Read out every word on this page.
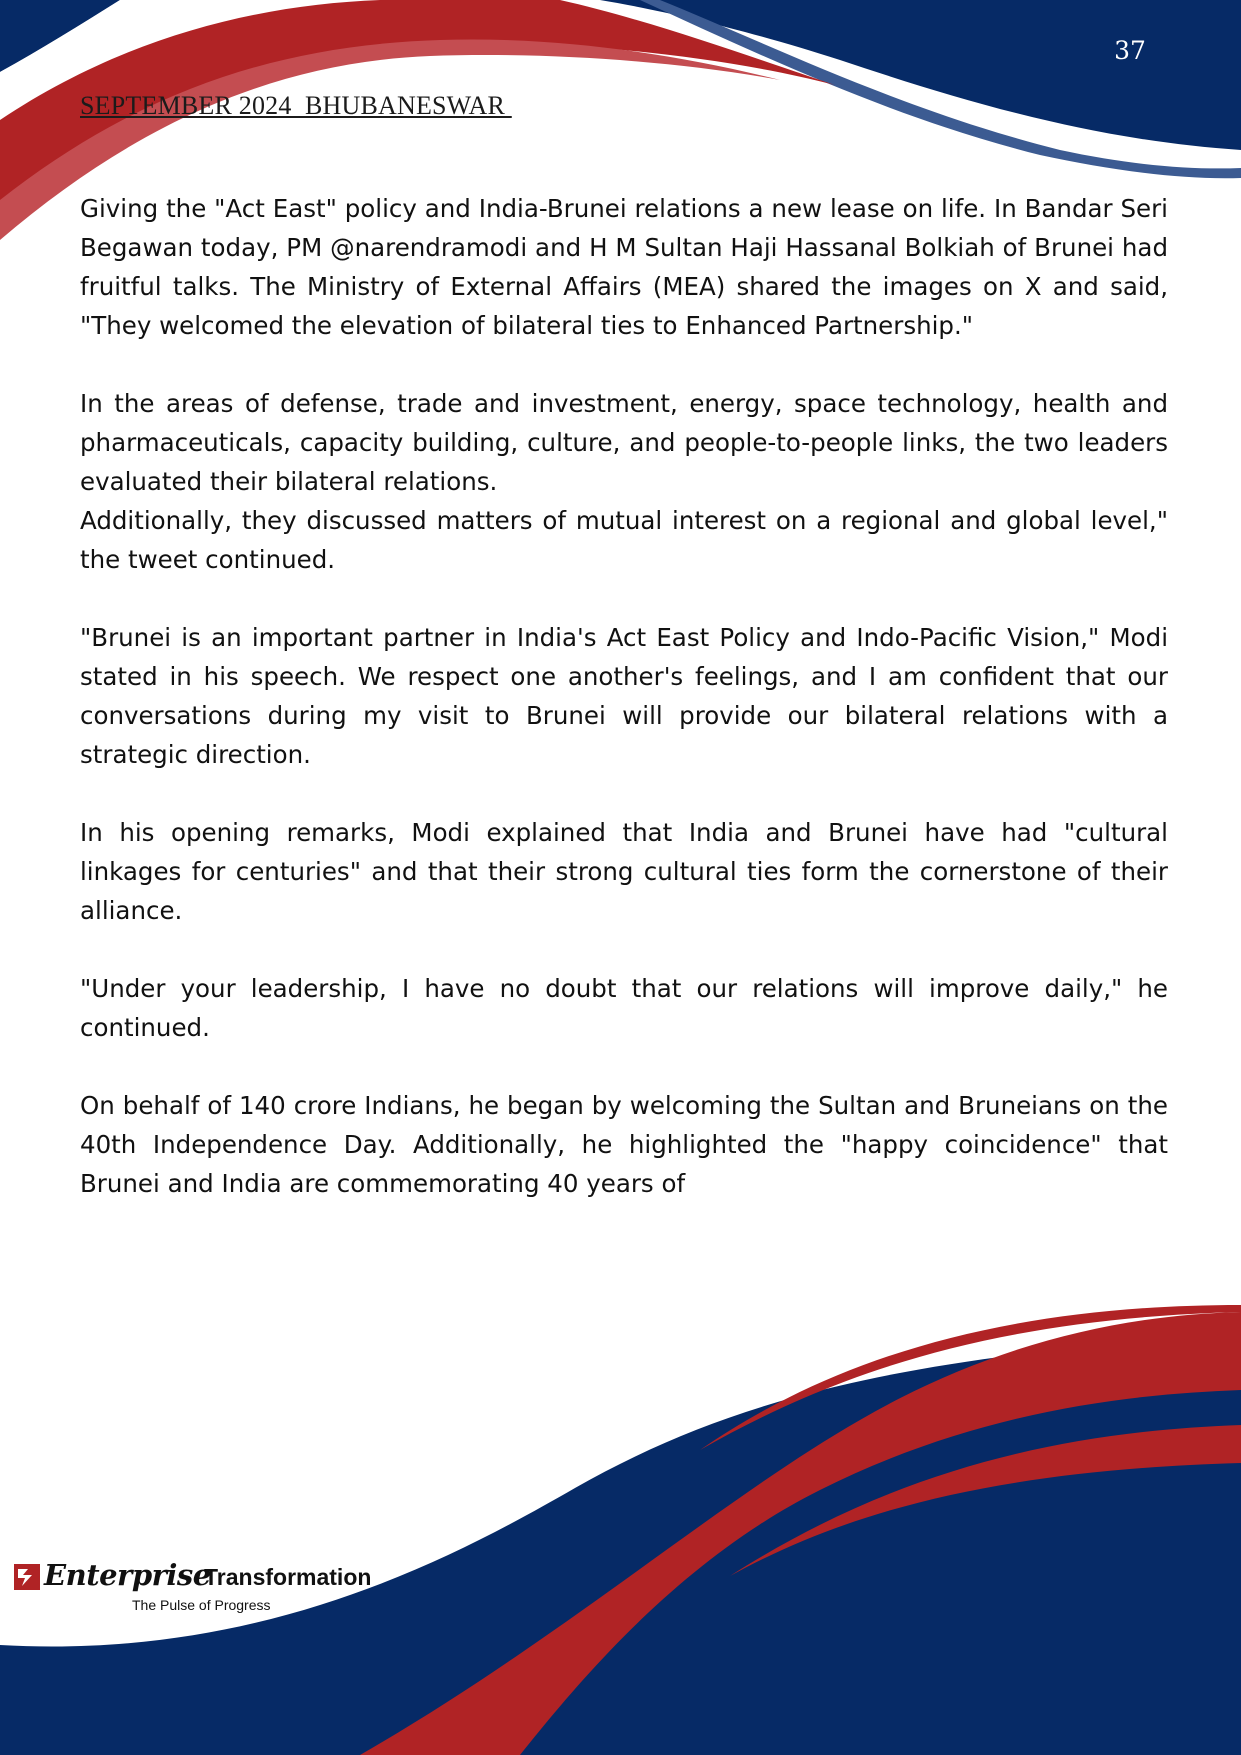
37
SEPTEMBER 2024  BHUBANESWAR

Giving the "Act East" policy and India-Brunei relations a new lease on life. In Bandar Seri Begawan today, PM @narendramodi and H M Sultan Haji Hassanal Bolkiah of Brunei had fruitful talks. The Ministry of External Affairs (MEA) shared the images on X and said, "They welcomed the elevation of bilateral ties to Enhanced Partnership."

In the areas of defense, trade and investment, energy, space technology, health and pharmaceuticals, capacity building, culture, and people-to-people links, the two leaders evaluated their bilateral relations.

Additionally, they discussed matters of mutual interest on a regional and global level," the tweet continued.

"Brunei is an important partner in India's Act East Policy and Indo-Pacific Vision," Modi stated in his speech. We respect one another's feelings, and I am confident that our conversations during my visit to Brunei will provide our bilateral relations with a strategic direction.

In his opening remarks, Modi explained that India and Brunei have had "cultural linkages for centuries" and that their strong cultural ties form the cornerstone of their alliance.

"Under your leadership, I have no doubt that our relations will improve daily," he continued.

On behalf of 140 crore Indians, he began by welcoming the Sultan and Bruneians on the 40th Independence Day. Additionally, he highlighted the "happy coincidence" that Brunei and India are commemorating 40 years of

Enterprise
Transformation
The Pulse of Progress
